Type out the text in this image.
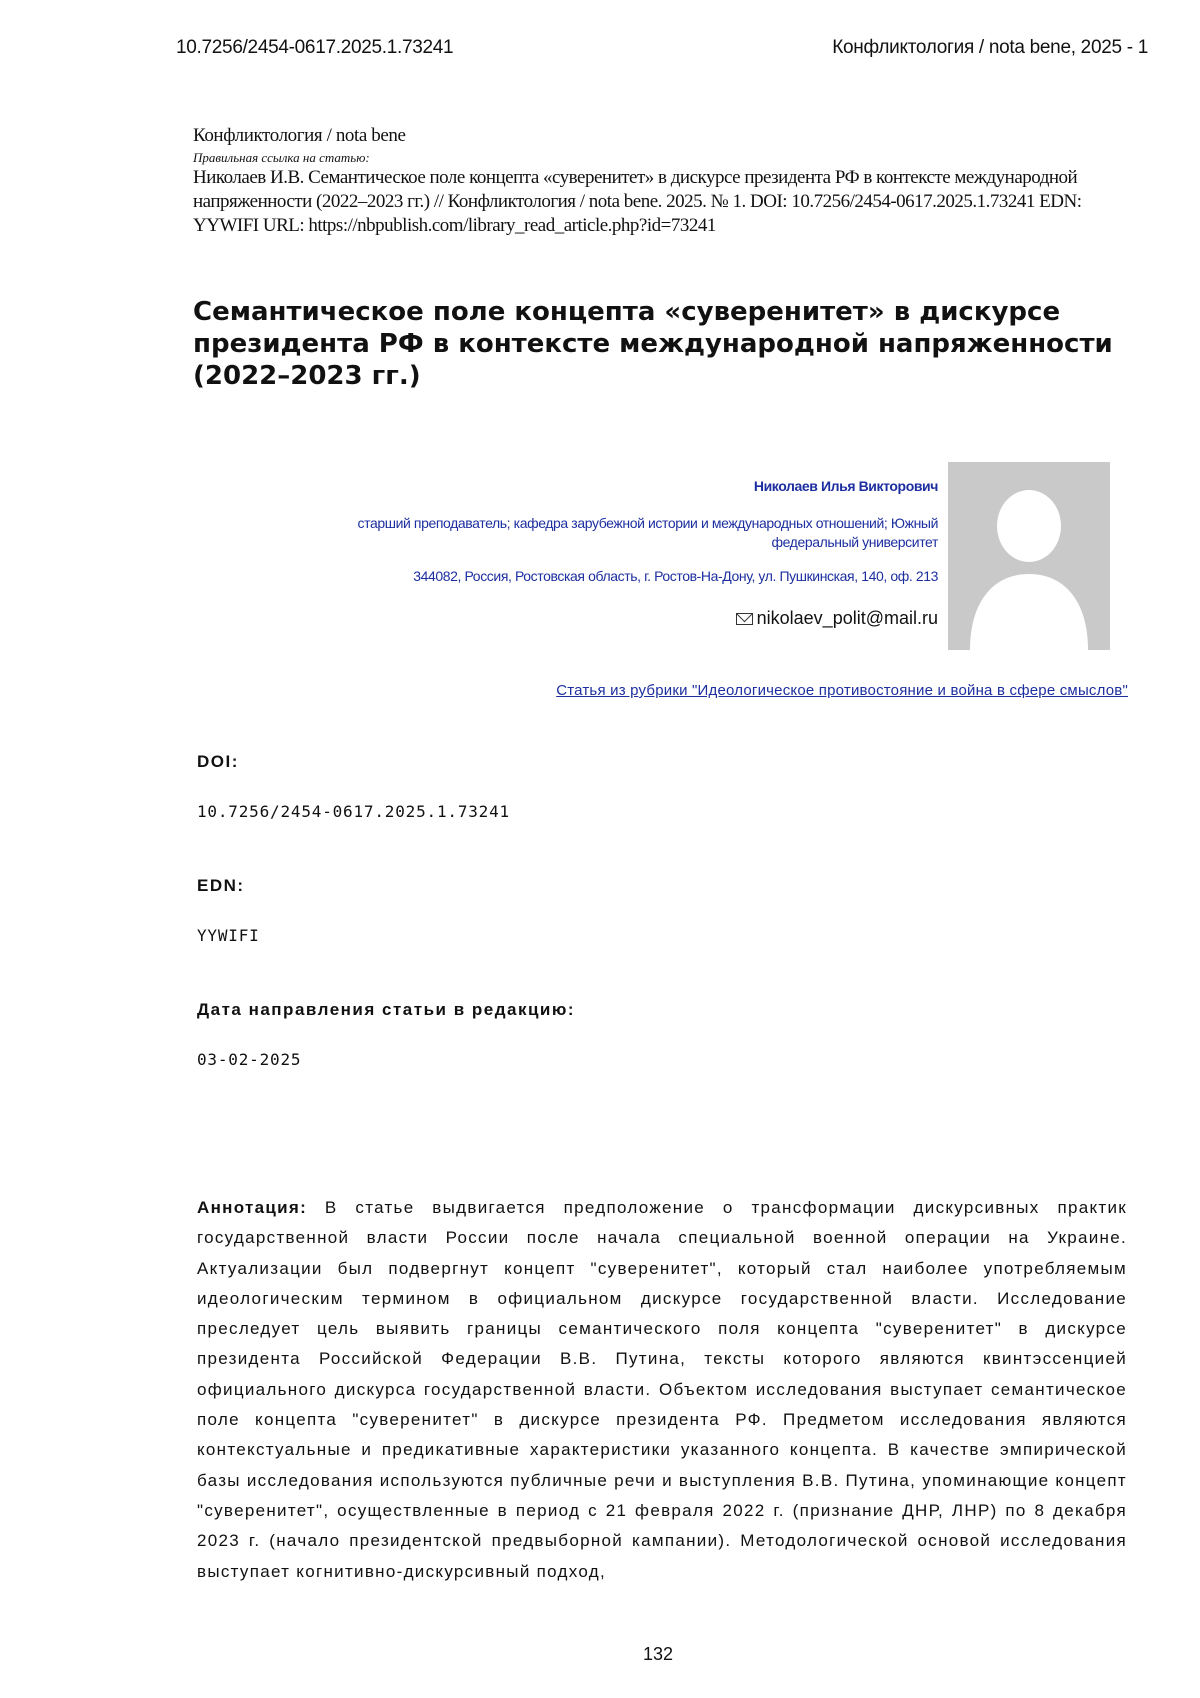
10.7256/2454-0617.2025.1.73241	Конфликтология / nota bene, 2025 - 1
Конфликтология / nota bene
Правильная ссылка на статью:
Николаев И.В. Семантическое поле концепта «суверенитет» в дискурсе президента РФ в контексте международной напряженности (2022–2023 гг.) // Конфликтология / nota bene. 2025. № 1. DOI: 10.7256/2454-0617.2025.1.73241 EDN: YYWIFI URL: https://nbpublish.com/library_read_article.php?id=73241
Семантическое поле концепта «суверенитет» в дискурсе президента РФ в контексте международной напряженности (2022–2023 гг.)
Николаев Илья Викторович
старший преподаватель; кафедра зарубежной истории и международных отношений; Южный федеральный университет
344082, Россия, Ростовская область, г. Ростов-На-Дону, ул. Пушкинская, 140, оф. 213
nikolaev_polit@mail.ru
Статья из рубрики "Идеологическое противостояние и война в сфере смыслов"
DOI:
10.7256/2454-0617.2025.1.73241
EDN:
YYWIFI
Дата направления статьи в редакцию:
03-02-2025

Аннотация: В статье выдвигается предположение о трансформации дискурсивных практик государственной власти России после начала специальной военной операции на Украине. Актуализации был подвергнут концепт "суверенитет", который стал наиболее употребляемым идеологическим термином в официальном дискурсе государственной власти. Исследование преследует цель выявить границы семантического поля концепта "суверенитет" в дискурсе президента Российской Федерации В.В. Путина, тексты которого являются квинтэссенцией официального дискурса государственной власти. Объектом исследования выступает семантическое поле концепта "суверенитет" в дискурсе президента РФ. Предметом исследования являются контекстуальные и предикативные характеристики указанного концепта. В качестве эмпирической базы исследования используются публичные речи и выступления В.В. Путина, упоминающие концепт "суверенитет", осуществленные в период с 21 февраля 2022 г. (признание ДНР, ЛНР) по 8 декабря 2023 г. (начало президентской предвыборной кампании). Методологической основой исследования выступает когнитивно-дискурсивный подход,

132
